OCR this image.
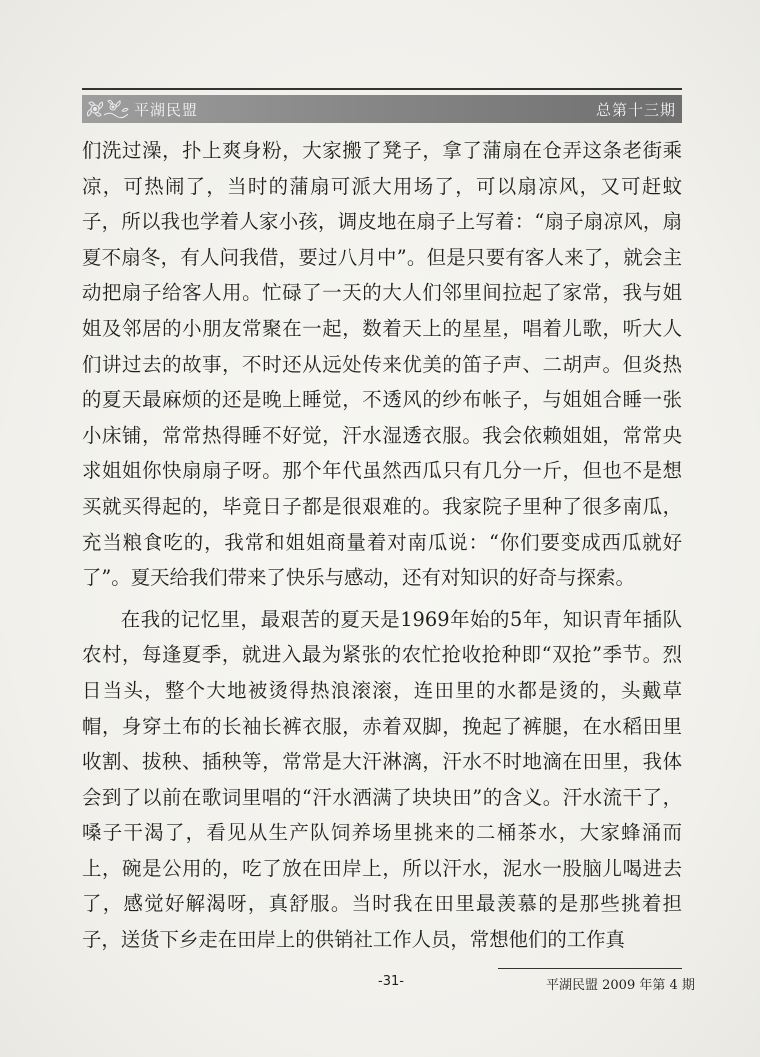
平湖民盟	总第十三期

们洗过澡，扑上爽身粉，大家搬了凳子，拿了蒲扇在仓弄这条老街乘凉，可热闹了，当时的蒲扇可派大用场了，可以扇凉风，又可赶蚊子，所以我也学着人家小孩，调皮地在扇子上写着：“扇子扇凉风，扇夏不扇冬，有人问我借，要过八月中”。但是只要有客人来了，就会主动把扇子给客人用。忙碌了一天的大人们邻里间拉起了家常，我与姐姐及邻居的小朋友常聚在一起，数着天上的星星，唱着儿歌，听大人们讲过去的故事，不时还从远处传来优美的笛子声、二胡声。但炎热的夏天最麻烦的还是晚上睡觉，不透风的纱布帐子，与姐姐合睡一张小床铺，常常热得睡不好觉，汗水湿透衣服。我会依赖姐姐，常常央求姐姐你快扇扇子呀。那个年代虽然西瓜只有几分一斤，但也不是想买就买得起的，毕竟日子都是很艰难的。我家院子里种了很多南瓜，充当粮食吃的，我常和姐姐商量着对南瓜说：“你们要变成西瓜就好了”。夏天给我们带来了快乐与感动，还有对知识的好奇与探索。

在我的记忆里，最艰苦的夏天是1969年始的5年，知识青年插队农村，每逢夏季，就进入最为紧张的农忙抢收抢种即“双抢”季节。烈日当头，整个大地被烫得热浪滚滚，连田里的水都是烫的，头戴草帽，身穿土布的长袖长裤衣服，赤着双脚，挽起了裤腿，在水稻田里收割、拔秧、插秧等，常常是大汗淋漓，汗水不时地滴在田里，我体会到了以前在歌词里唱的“汗水洒满了块块田”的含义。汗水流干了，嗓子干渴了，看见从生产队饲养场里挑来的二桶茶水，大家蜂涌而上，碗是公用的，吃了放在田岸上，所以汗水，泥水一股脑儿喝进去了，感觉好解渴呀，真舒服。当时我在田里最羡慕的是那些挑着担子，送货下乡走在田岸上的供销社工作人员，常想他们的工作真

-31-	平湖民盟 2009 年第 4 期
